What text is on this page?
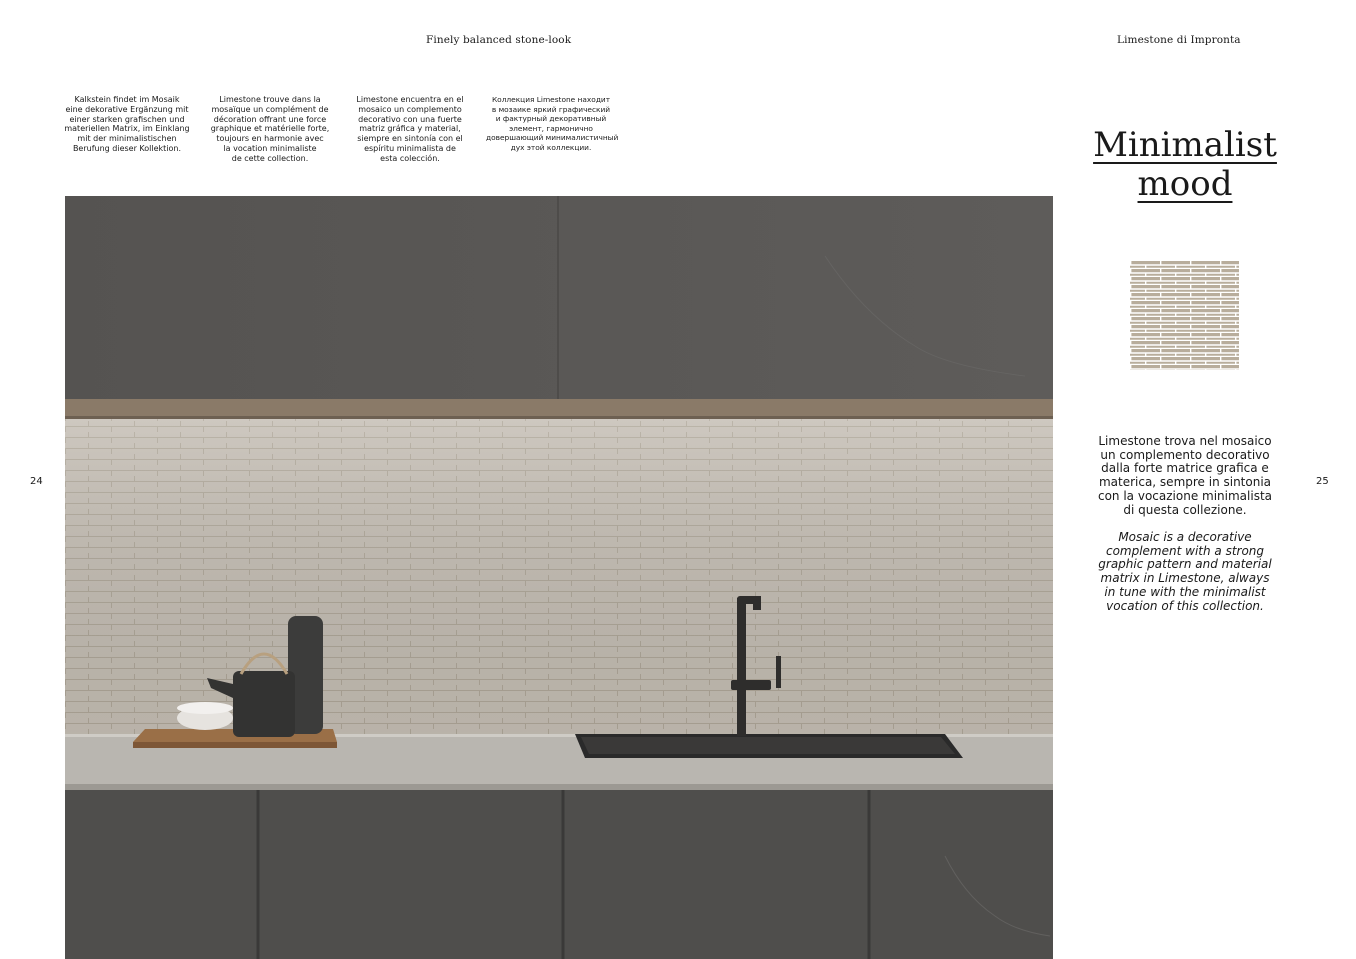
Finely balanced stone-look	Limestone di Impronta
24	25
Kalkstein findet im Mosaik
eine dekorative Ergänzung mit
einer starken grafischen und
materiellen Matrix, im Einklang
mit der minimalistischen
Berufung dieser Kollektion.
Limestone trouve dans la
mosaïque un complément de
décoration offrant une force
graphique et matérielle forte,
toujours en harmonie avec
la vocation minimaliste
de cette collection.
Limestone encuentra en el
mosaico un complemento
decorativo con una fuerte
matriz gráfica y material,
siempre en sintonía con el
espíritu minimalista de
esta colección.
Коллекция Limestone находит
в мозаике яркий графический
и фактурный декоративный
элемент, гармонично
довершающий минималистичный
дух этой коллекции.	Minimalist
mood
Limestone trova nel mosaico
un complemento decorativo
dalla forte matrice grafica e
materica, sempre in sintonia
con la vocazione minimalista
di questa collezione.
Mosaic is a decorative
complement with a strong
graphic pattern and material
matrix in Limestone, always
in tune with the minimalist
vocation of this collection.
